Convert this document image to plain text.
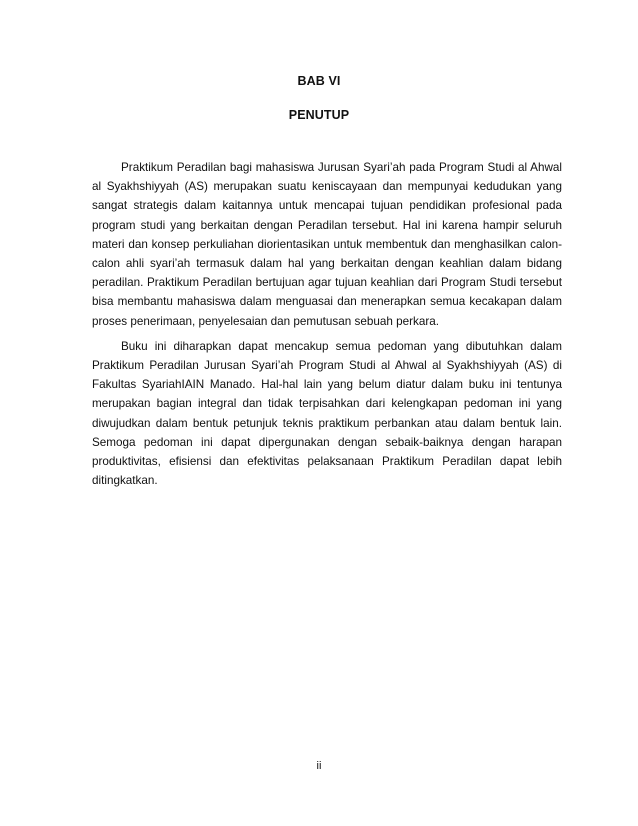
BAB VI
PENUTUP

Praktikum Peradilan bagi mahasiswa Jurusan Syari’ah pada Program Studi al Ahwal al Syakhshiyyah (AS) merupakan suatu keniscayaan dan mempunyai kedudukan yang sangat strategis dalam kaitannya untuk mencapai tujuan pendidikan profesional pada program studi yang berkaitan dengan Peradilan tersebut. Hal ini karena hampir seluruh materi dan konsep perkuliahan diorientasikan untuk membentuk dan menghasilkan calon-calon ahli syari’ah termasuk dalam hal yang berkaitan dengan keahlian dalam bidang peradilan. Praktikum Peradilan bertujuan agar tujuan keahlian dari Program Studi tersebut bisa membantu mahasiswa dalam menguasai dan menerapkan semua kecakapan dalam proses penerimaan, penyelesaian dan pemutusan sebuah perkara.

Buku ini diharapkan dapat mencakup semua pedoman yang dibutuhkan dalam Praktikum Peradilan Jurusan Syari’ah Program Studi al Ahwal al Syakhshiyyah (AS) di Fakultas SyariahIAIN Manado. Hal-hal lain yang belum diatur dalam buku ini tentunya merupakan bagian integral dan tidak terpisahkan dari kelengkapan pedoman ini yang diwujudkan dalam bentuk petunjuk teknis praktikum perbankan atau dalam bentuk lain. Semoga pedoman ini dapat dipergunakan dengan sebaik-baiknya dengan harapan produktivitas, efisiensi dan efektivitas pelaksanaan Praktikum Peradilan dapat lebih ditingkatkan.

ii
